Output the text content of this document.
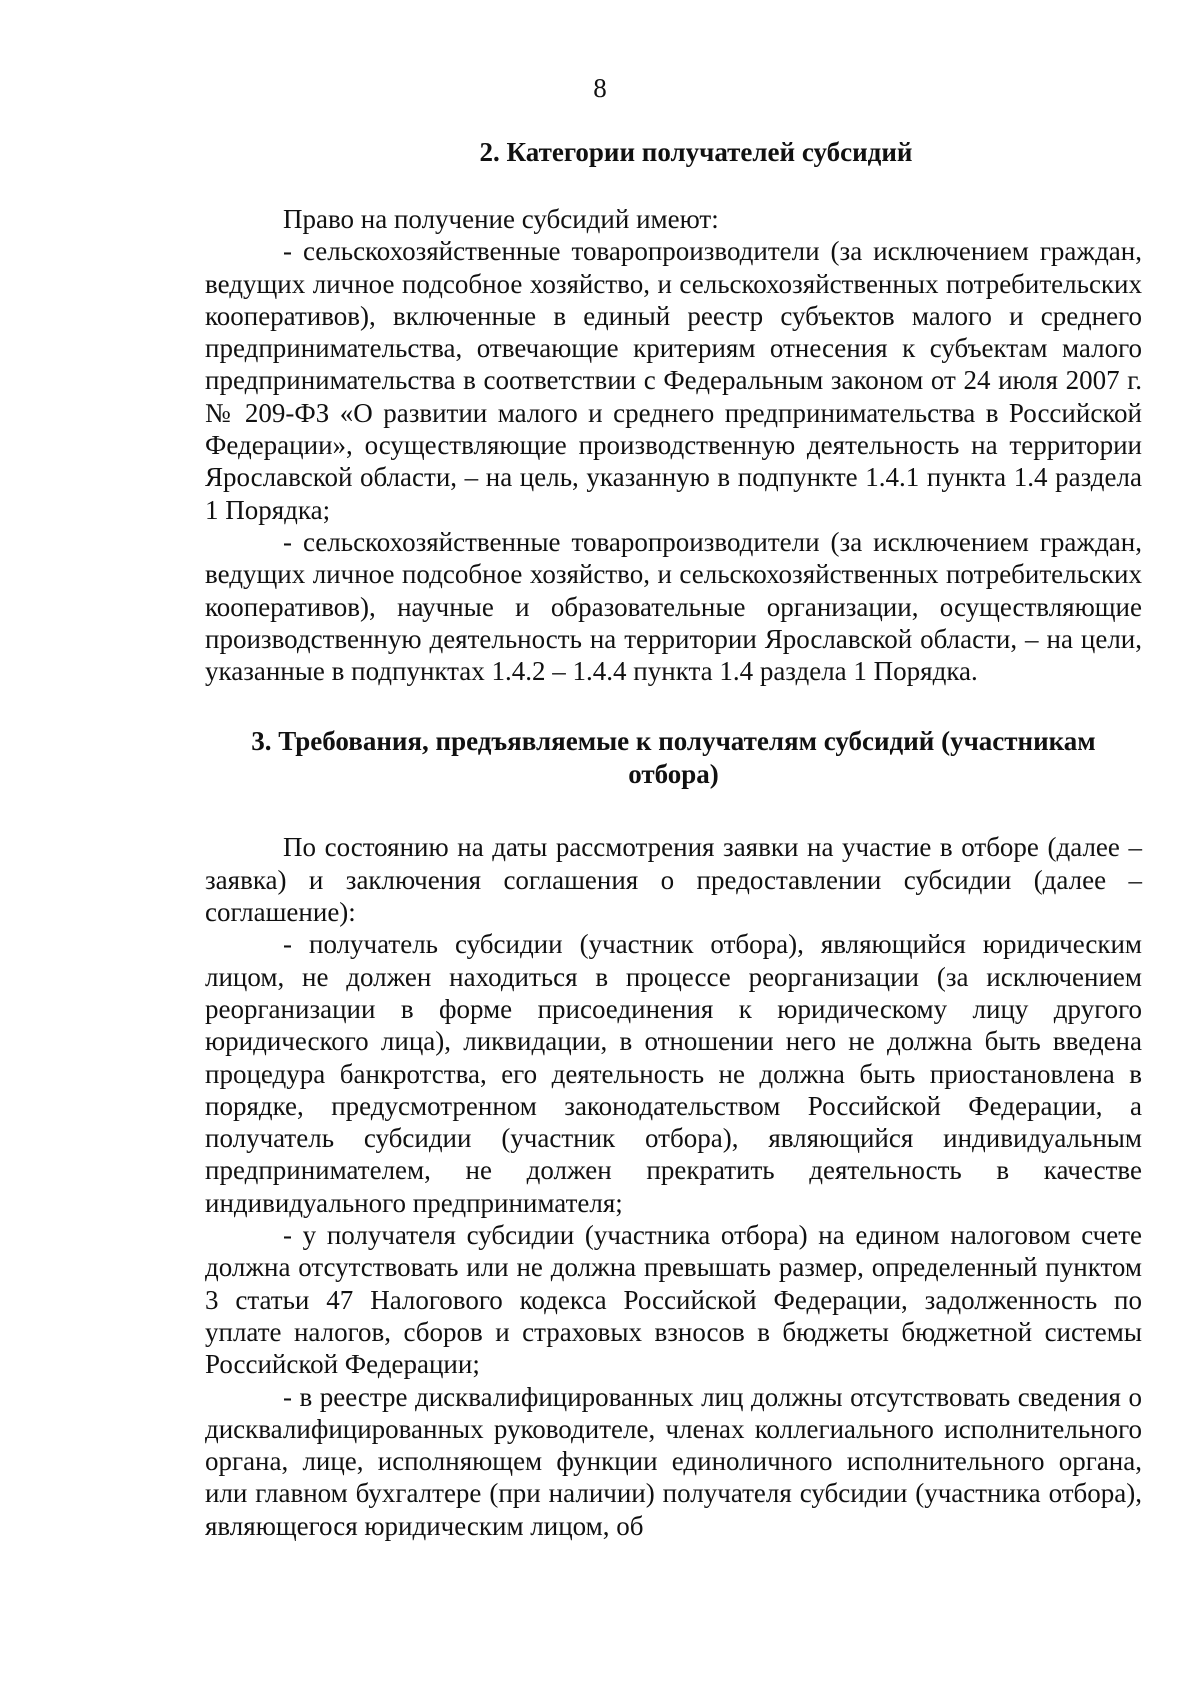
8
2. Категории получателей субсидий

Право на получение субсидий имеют:

- сельскохозяйственные товаропроизводители (за исключением граждан, ведущих личное подсобное хозяйство, и сельскохозяйственных потребительских кооперативов), включенные в единый реестр субъектов малого и среднего предпринимательства, отвечающие критериям отнесения к субъектам малого предпринимательства в соответствии с Федеральным законом от 24 июля 2007 г. № 209-ФЗ «О развитии малого и среднего предпринимательства в Российской Федерации», осуществляющие производственную деятельность на территории Ярославской области, – на цель, указанную в подпункте 1.4.1 пункта 1.4 раздела 1 Порядка;

- сельскохозяйственные товаропроизводители (за исключением граждан, ведущих личное подсобное хозяйство, и сельскохозяйственных потребительских кооперативов), научные и образовательные организации, осуществляющие производственную деятельность на территории Ярославской области, – на цели, указанные в подпунктах 1.4.2 – 1.4.4 пункта 1.4 раздела 1 Порядка.

3. Требования, предъявляемые к получателям субсидий (участникам отбора)

По состоянию на даты рассмотрения заявки на участие в отборе (далее – заявка) и заключения соглашения о предоставлении субсидии (далее – соглашение):

- получатель субсидии (участник отбора), являющийся юридическим лицом, не должен находиться в процессе реорганизации (за исключением реорганизации в форме присоединения к юридическому лицу другого юридического лица), ликвидации, в отношении него не должна быть введена процедура банкротства, его деятельность не должна быть приостановлена в порядке, предусмотренном законодательством Российской Федерации, а получатель субсидии (участник отбора), являющийся индивидуальным предпринимателем, не должен прекратить деятельность в качестве индивидуального предпринимателя;

- у получателя субсидии (участника отбора) на едином налоговом счете должна отсутствовать или не должна превышать размер, определенный пунктом 3 статьи 47 Налогового кодекса Российской Федерации, задолженность по уплате налогов, сборов и страховых взносов в бюджеты бюджетной системы Российской Федерации;

- в реестре дисквалифицированных лиц должны отсутствовать сведения о дисквалифицированных руководителе, членах коллегиального исполнительного органа, лице, исполняющем функции единоличного исполнительного органа, или главном бухгалтере (при наличии) получателя субсидии (участника отбора), являющегося юридическим лицом, об
